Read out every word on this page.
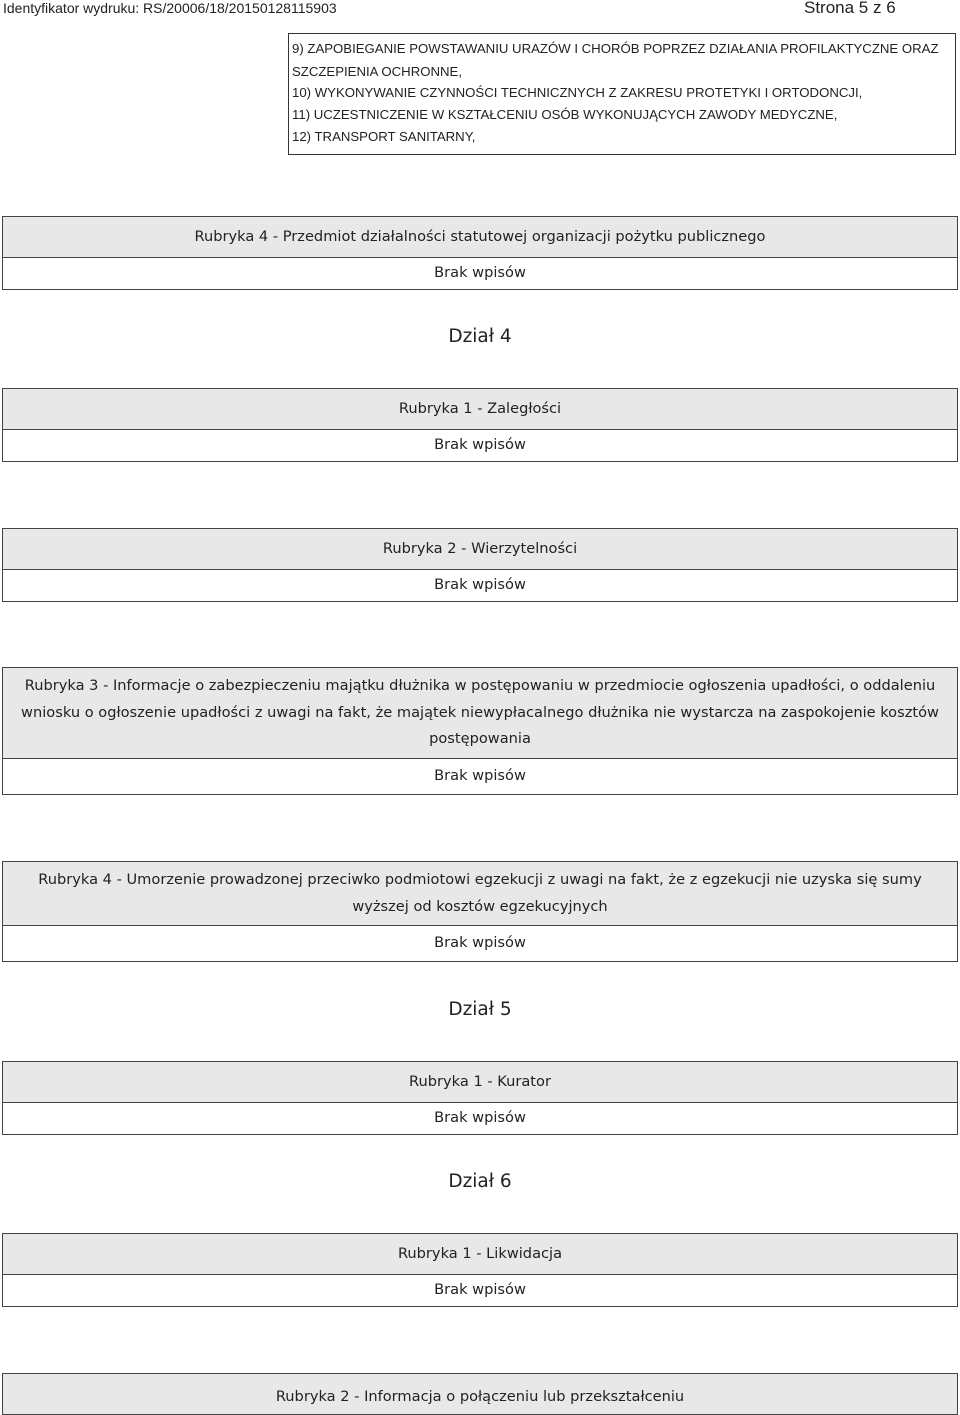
Identyfikator wydruku: RS/20006/18/20150128115903	Strona 5 z 6
9) ZAPOBIEGANIE POWSTAWANIU URAZÓW I CHORÓB POPRZEZ DZIAŁANIA PROFILAKTYCZNE ORAZ
SZCZEPIENIA OCHRONNE,
10) WYKONYWANIE CZYNNOŚCI TECHNICZNYCH Z ZAKRESU PROTETYKI I ORTODONCJI,
11) UCZESTNICZENIE W KSZTAŁCENIU OSÓB WYKONUJĄCYCH ZAWODY MEDYCZNE,
12) TRANSPORT SANITARNY,
Rubryka 4 - Przedmiot działalności statutowej organizacji pożytku publicznego
Brak wpisów
Dział 4
Rubryka 1 - Zaległości
Brak wpisów
Rubryka 2 - Wierzytelności
Brak wpisów
Rubryka 3 - Informacje o zabezpieczeniu majątku dłużnika w postępowaniu w przedmiocie ogłoszenia upadłości, o oddaleniu wniosku o ogłoszenie upadłości z uwagi na fakt, że majątek niewypłacalnego dłużnika nie wystarcza na zaspokojenie kosztów postępowania
Brak wpisów
Rubryka 4 - Umorzenie prowadzonej przeciwko podmiotowi egzekucji z uwagi na fakt, że z egzekucji nie uzyska się sumy wyższej od kosztów egzekucyjnych
Brak wpisów
Dział 5
Rubryka 1 - Kurator
Brak wpisów
Dział 6
Rubryka 1 - Likwidacja
Brak wpisów
Rubryka 2 - Informacja o połączeniu lub przekształceniu
